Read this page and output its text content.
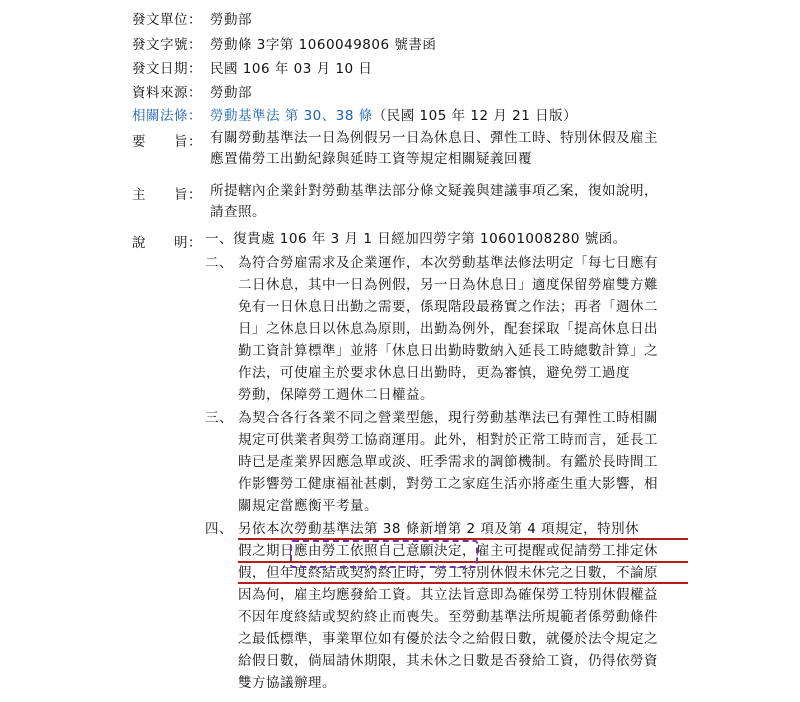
發文單位： 勞動部
發文字號： 勞動條 3字第 1060049806 號書函
發文日期： 民國 106 年 03 月 10 日
資料來源： 勞動部
相關法條： 勞動基準法 第 30、38 條（民國 105 年 12 月 21 日版）
要　　旨： 有關勞動基準法一日為例假另一日為休息日、彈性工時、特別休假及雇主
應置備勞工出勤紀錄與延時工資等規定相關疑義回覆
主　　旨： 所提轄內企業針對勞動基準法部分條文疑義與建議事項乙案，復如說明，
請查照。
說　　明： 一、復貴處 106 年 3 月 1 日經加四勞字第 10601008280 號函。
二、 為符合勞雇需求及企業運作，本次勞動基準法修法明定「每七日應有
二日休息，其中一日為例假，另一日為休息日」適度保留勞雇雙方難
免有一日休息日出勤之需要，係現階段最務實之作法；再者「週休二
日」之休息日以休息為原則，出勤為例外，配套採取「提高休息日出
勤工資計算標準」並將「休息日出勤時數納入延長工時總數計算」之
作法，可使雇主於要求休息日出勤時，更為審慎，避免勞工過度
勞動，保障勞工週休二日權益。
三、 為契合各行各業不同之營業型態，現行勞動基準法已有彈性工時相關
規定可供業者與勞工協商運用。此外，相對於正常工時而言，延長工
時已是產業界因應急單或淡、旺季需求的調節機制。有鑑於長時間工
作影響勞工健康福祉甚劇，對勞工之家庭生活亦將產生重大影響，相
關規定當應衡平考量。
四、 另依本次勞動基準法第 38 條新增第 2 項及第 4 項規定，特別休
假之期日應由勞工依照自己意願決定，雇主可提醒或促請勞工排定休
假，但年度終結或契約終止時，勞工特別休假未休完之日數，不論原
因為何，雇主均應發給工資。其立法旨意即為確保勞工特別休假權益
不因年度終結或契約終止而喪失。至勞動基準法所規範者係勞動條件
之最低標準，事業單位如有優於法令之給假日數，就優於法令規定之
給假日數，倘屆請休期限，其未休之日數是否發給工資，仍得依勞資
雙方協議辦理。
